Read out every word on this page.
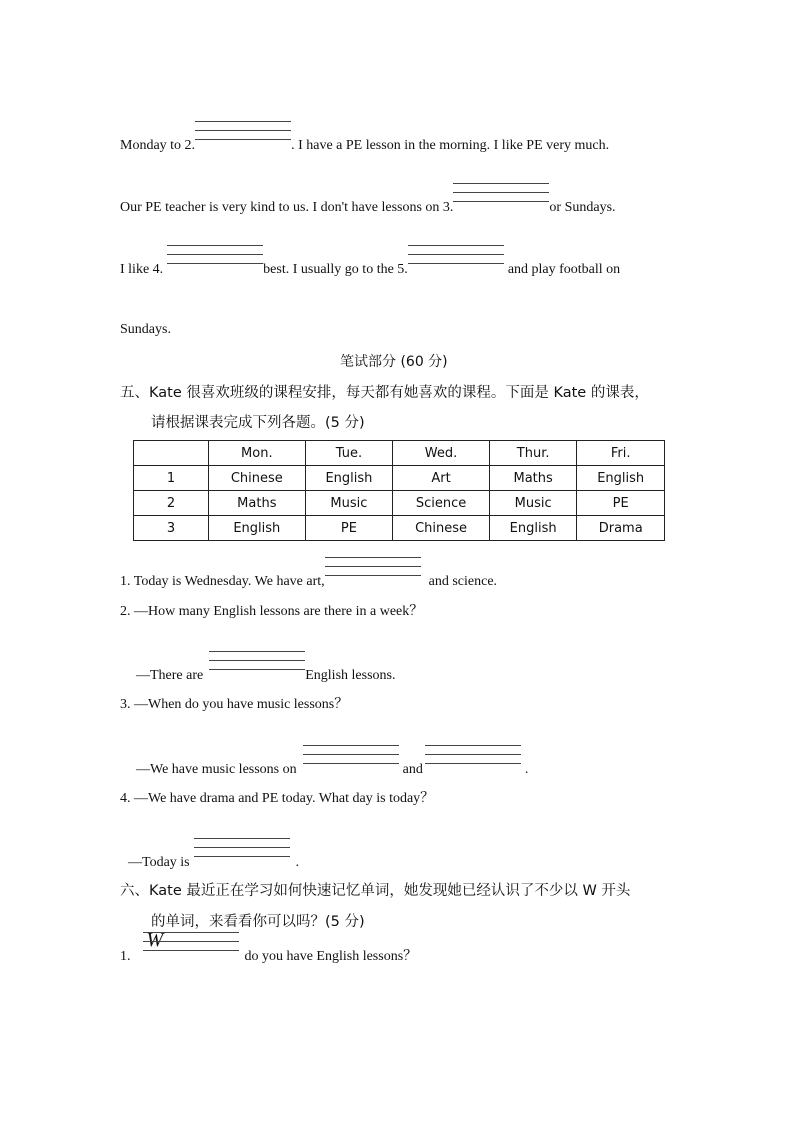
Monday to 2.	. I have a PE lesson in the morning. I like PE very much.
Our PE teacher is very kind to us. I don't have lessons on 3.	or Sundays.
I like 4.	best. I usually go to the 5.	and play football on
Sundays.
笔试部分 (60 分)
五、Kate 很喜欢班级的课程安排，每天都有她喜欢的课程。下面是 Kate 的课表，
请根据课表完成下列各题。(5 分)
	Mon.	Tue.	Wed.	Thur.	Fri.
1	Chinese	English	Art	Maths	English
2	Maths	Music	Science	Music	PE
3	English	PE	Chinese	English	Drama
1. Today is Wednesday. We have art,	and science.
2. —How many English lessons are there in a week？
—There are	English lessons.
3. —When do you have music lessons？
—We have music lessons on	and	.
4. —We have drama and PE today. What day is today？
—Today is	.
六、Kate 最近正在学习如何快速记忆单词，她发现她已经认识了不少以 W 开头
的单词，来看看你可以吗？(5 分)
1.
W
do you have English lessons？
